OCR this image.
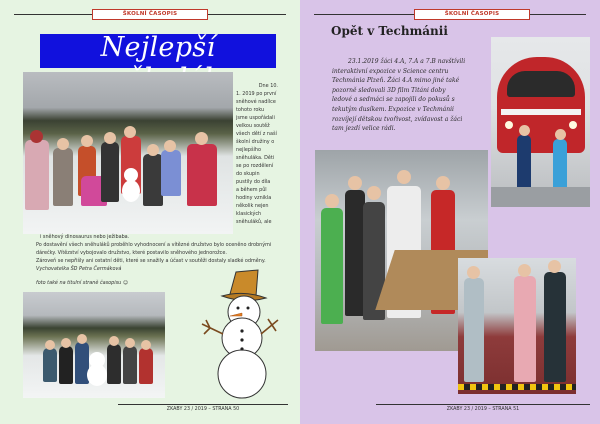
ŠKOLNÍ ČASOPIS
Nejlepší
Dne 10.
1. 2019 po první
sněhové nadílce
tohoto roku
jsme uspořádali
velkou soutěž
všech dětí z naší
školní družiny o
nejlepšího
sněhuláka. Děti
se po rozdělení
do skupin
pustily do díla
a během půl
hodiny vznikla
několik nejen
klasických
sněhuláků, ale
i sněhový dinosaurus nebo ježibaba.
Po dostavění všech sněhuláků proběhlo vyhodnocení a vítězné družstvo bylo oceněno drobnými
dárečky. Vítězství vybojovalo družstvo, které postavilo sněhového jednorožce.
Zároveň se nepřišly ani ostatní děti, které se snažily a účast v soutěži dostaly sladké odměny.
Vychovatelka ŠD Petra Čermáková
foto také na titulní straně časopisu ☺
ZKABY 23 / 2019 – STRANA 50
ŠKOLNÍ ČASOPIS
Opět v Techmánii
23.1.2019 žáci 4.A, 7.A a 7.B navštívili
interaktivní expozice v Science centru
Techmánia Plzeň. Žáci 4.A mimo jiné také
pozorně sledovali 3D film Titáni doby
ledové a sedmáci se zapojili do pokusů s
tekutým dusíkem. Expozice v Techmánii
rozvíjejí dětskou tvořivost, zvídavost a žáci
tam jezdí velice rádi.
ZKABY 23 / 2019 – STRANA 51
